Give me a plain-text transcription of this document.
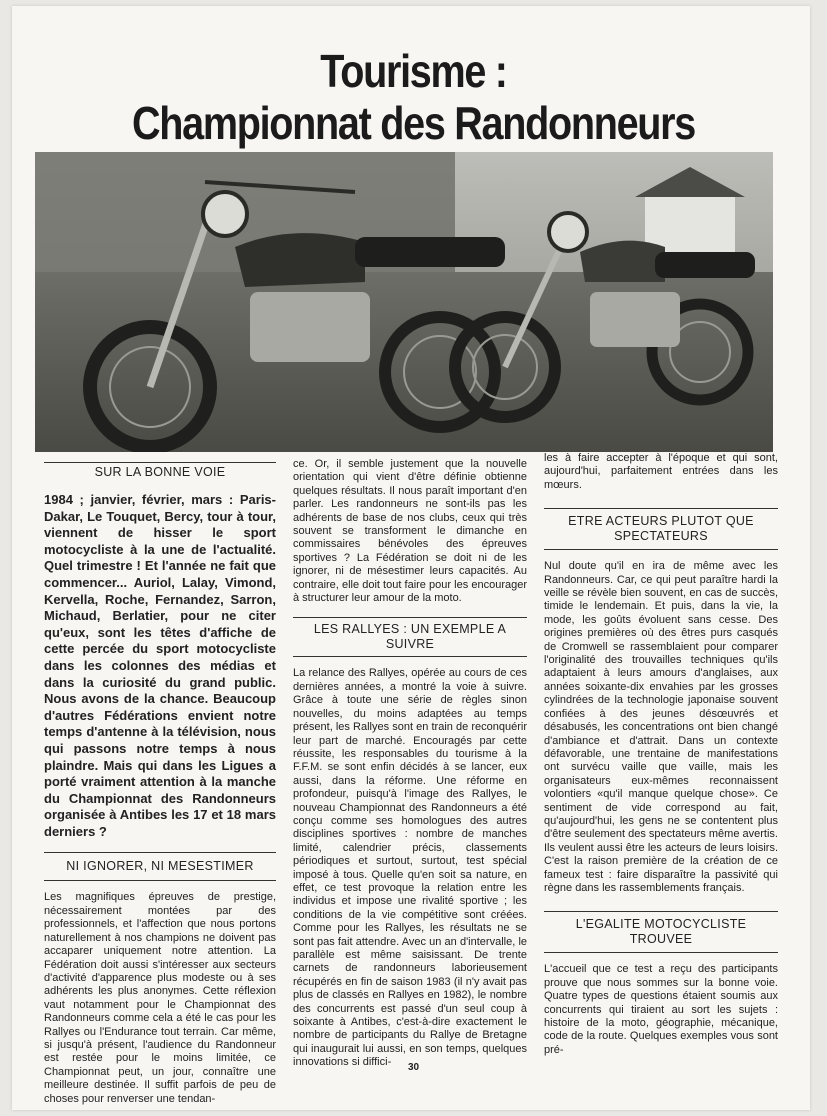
Tourisme :
Championnat des Randonneurs
SUR LA BONNE VOIE

1984 ; janvier, février, mars : Paris-Dakar, Le Touquet, Bercy, tour à tour, viennent de hisser le sport motocycliste à la une de l'actualité. Quel trimestre ! Et l'année ne fait que commencer... Auriol, Lalay, Vimond, Kervella, Roche, Fernandez, Sarron, Michaud, Berlatier, pour ne citer qu'eux, sont les têtes d'affiche de cette percée du sport motocycliste dans les colonnes des médias et dans la curiosité du grand public. Nous avons de la chance. Beaucoup d'autres Fédérations envient notre temps d'antenne à la télévision, nous qui passons notre temps à nous plaindre. Mais qui dans les Ligues a porté vraiment attention à la manche du Championnat des Randonneurs organisée à Antibes les 17 et 18 mars derniers ?

NI IGNORER, NI MESESTIMER

Les magnifiques épreuves de prestige, nécessairement montées par des professionnels, et l'affection que nous portons naturellement à nos champions ne doivent pas accaparer uniquement notre attention. La Fédération doit aussi s'intéresser aux secteurs d'activité d'apparence plus modeste ou à ses adhérents les plus anonymes. Cette réflexion vaut notamment pour le Championnat des Randonneurs comme cela a été le cas pour les Rallyes ou l'Endurance tout terrain. Car même, si jusqu'à présent, l'audience du Randonneur est restée pour le moins limitée, ce Championnat peut, un jour, connaître une meilleure destinée. Il suffit parfois de peu de choses pour renverser une tendan-

ce. Or, il semble justement que la nouvelle orientation qui vient d'être définie obtienne quelques résultats. Il nous paraît important d'en parler. Les randonneurs ne sont-ils pas les adhérents de base de nos clubs, ceux qui très souvent se transforment le dimanche en commissaires bénévoles des épreuves sportives ? La Fédération se doit ni de les ignorer, ni de mésestimer leurs capacités. Au contraire, elle doit tout faire pour les encourager à structurer leur amour de la moto.

LES RALLYES : UN EXEMPLE A SUIVRE

La relance des Rallyes, opérée au cours de ces dernières années, a montré la voie à suivre. Grâce à toute une série de règles sinon nouvelles, du moins adaptées au temps présent, les Rallyes sont en train de reconquérir leur part de marché. Encouragés par cette réussite, les responsables du tourisme à la F.F.M. se sont enfin décidés à se lancer, eux aussi, dans la réforme. Une réforme en profondeur, puisqu'à l'image des Rallyes, le nouveau Championnat des Randonneurs a été conçu comme ses homologues des autres disciplines sportives : nombre de manches limité, calendrier précis, classements périodiques et surtout, surtout, test spécial imposé à tous. Quelle qu'en soit sa nature, en effet, ce test provoque la relation entre les individus et impose une rivalité sportive ; les conditions de la vie compétitive sont créées. Comme pour les Rallyes, les résultats ne se sont pas fait attendre. Avec un an d'intervalle, le parallèle est même saisissant. De trente carnets de randonneurs laborieusement récupérés en fin de saison 1983 (il n'y avait pas plus de classés en Rallyes en 1982), le nombre des concurrents est passé d'un seul coup à soixante à Antibes, c'est-à-dire exactement le nombre de participants du Rallye de Bretagne qui inaugurait lui aussi, en son temps, quelques innovations si diffici-

les à faire accepter à l'époque et qui sont, aujourd'hui, parfaitement entrées dans les mœurs.

ETRE ACTEURS PLUTOT QUE SPECTATEURS

Nul doute qu'il en ira de même avec les Randonneurs. Car, ce qui peut paraître hardi la veille se révèle bien souvent, en cas de succès, timide le lendemain. Et puis, dans la vie, la mode, les goûts évoluent sans cesse. Des origines premières où des êtres purs casqués de Cromwell se rassemblaient pour comparer l'originalité des trouvailles techniques qu'ils adaptaient à leurs amours d'anglaises, aux années soixante-dix envahies par les grosses cylindrées de la technologie japonaise souvent confiées à des jeunes désœuvrés et désabusés, les concentrations ont bien changé d'ambiance et d'attrait. Dans un contexte défavorable, une trentaine de manifestations ont survécu vaille que vaille, mais les organisateurs eux-mêmes reconnaissent volontiers «qu'il manque quelque chose». Ce sentiment de vide correspond au fait, qu'aujourd'hui, les gens ne se contentent plus d'être seulement des spectateurs même avertis. Ils veulent aussi être les acteurs de leurs loisirs. C'est la raison première de la création de ce fameux test : faire disparaître la passivité qui règne dans les rassemblements français.

L'EGALITE MOTOCYCLISTE TROUVEE

L'accueil que ce test a reçu des participants prouve que nous sommes sur la bonne voie. Quatre types de questions étaient soumis aux concurrents qui tiraient au sort les sujets : histoire de la moto, géographie, mécanique, code de la route. Quelques exemples vous sont pré-

30
